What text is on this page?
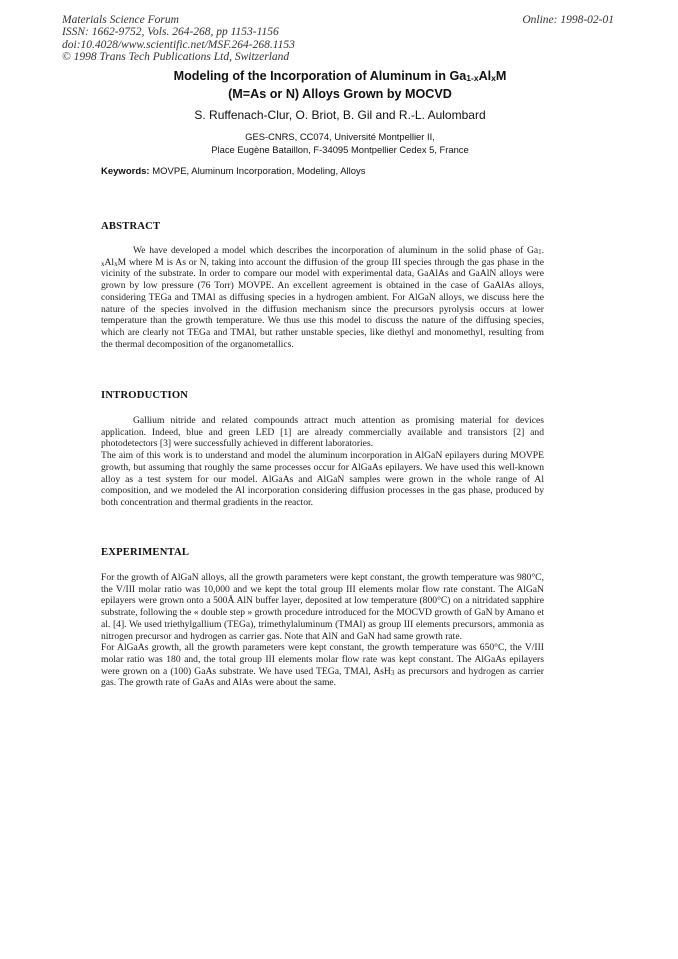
Materials Science Forum
ISSN: 1662-9752, Vols. 264-268, pp 1153-1156
doi:10.4028/www.scientific.net/MSF.264-268.1153
© 1998 Trans Tech Publications Ltd, Switzerland
Online: 1998-02-01
Modeling of the Incorporation of Aluminum in $Ga_{1-x}Al_xM$
(M=As or N) Alloys Grown by MOCVD
S. Ruffenach-Clur, O. Briot, B. Gil and R.-L. Aulombard
GES-CNRS, CC074, Université Montpellier II,
Place Eugène Bataillon, F-34095 Montpellier Cedex 5, France
Keywords: MOVPE, Aluminum Incorporation, Modeling, Alloys
ABSTRACT

We have developed a model which describes the incorporation of aluminum in the solid phase of $Ga_{1-x}Al_xM$ where M is As or N, taking into account the diffusion of the group III species through the gas phase in the vicinity of the substrate. In order to compare our model with experimental data, GaAlAs and GaAlN alloys were grown by low pressure (76 Torr) MOVPE. An excellent agreement is obtained in the case of GaAlAs alloys, considering TEGa and TMAl as diffusing species in a hydrogen ambient. For AlGaN alloys, we discuss here the nature of the species involved in the diffusion mechanism since the precursors pyrolysis occurs at lower temperature than the growth temperature. We thus use this model to discuss the nature of the diffusing species, which are clearly not TEGa and TMAl, but rather unstable species, like diethyl and monomethyl, resulting from the thermal decomposition of the organometallics.

INTRODUCTION

Gallium nitride and related compounds attract much attention as promising material for devices application. Indeed, blue and green LED [1] are already commercially available and transistors [2] and photodetectors [3] were successfully achieved in different laboratories.

The aim of this work is to understand and model the aluminum incorporation in AlGaN epilayers during MOVPE growth, but assuming that roughly the same processes occur for AlGaAs epilayers. We have used this well-known alloy as a test system for our model. AlGaAs and AlGaN samples were grown in the whole range of Al composition, and we modeled the Al incorporation considering diffusion processes in the gas phase, produced by both concentration and thermal gradients in the reactor.

EXPERIMENTAL

For the growth of AlGaN alloys, all the growth parameters were kept constant, the growth temperature was 980°C, the V/III molar ratio was 10,000 and we kept the total group III elements molar flow rate constant. The AlGaN epilayers were grown onto a 500Å AlN buffer layer, deposited at low temperature (800°C) on a nitridated sapphire substrate, following the « double step » growth procedure introduced for the MOCVD growth of GaN by Amano et al. [4]. We used triethylgallium (TEGa), trimethylaluminum (TMAl) as group III elements precursors, ammonia as nitrogen precursor and hydrogen as carrier gas. Note that AlN and GaN had same growth rate.

For AlGaAs growth, all the growth parameters were kept constant, the growth temperature was 650°C, the V/III molar ratio was 180 and, the total group III elements molar flow rate was kept constant. The AlGaAs epilayers were grown on a (100) GaAs substrate. We have used TEGa, TMAl, AsH$_3$ as precursors and hydrogen as carrier gas. The growth rate of GaAs and AlAs were about the same.
